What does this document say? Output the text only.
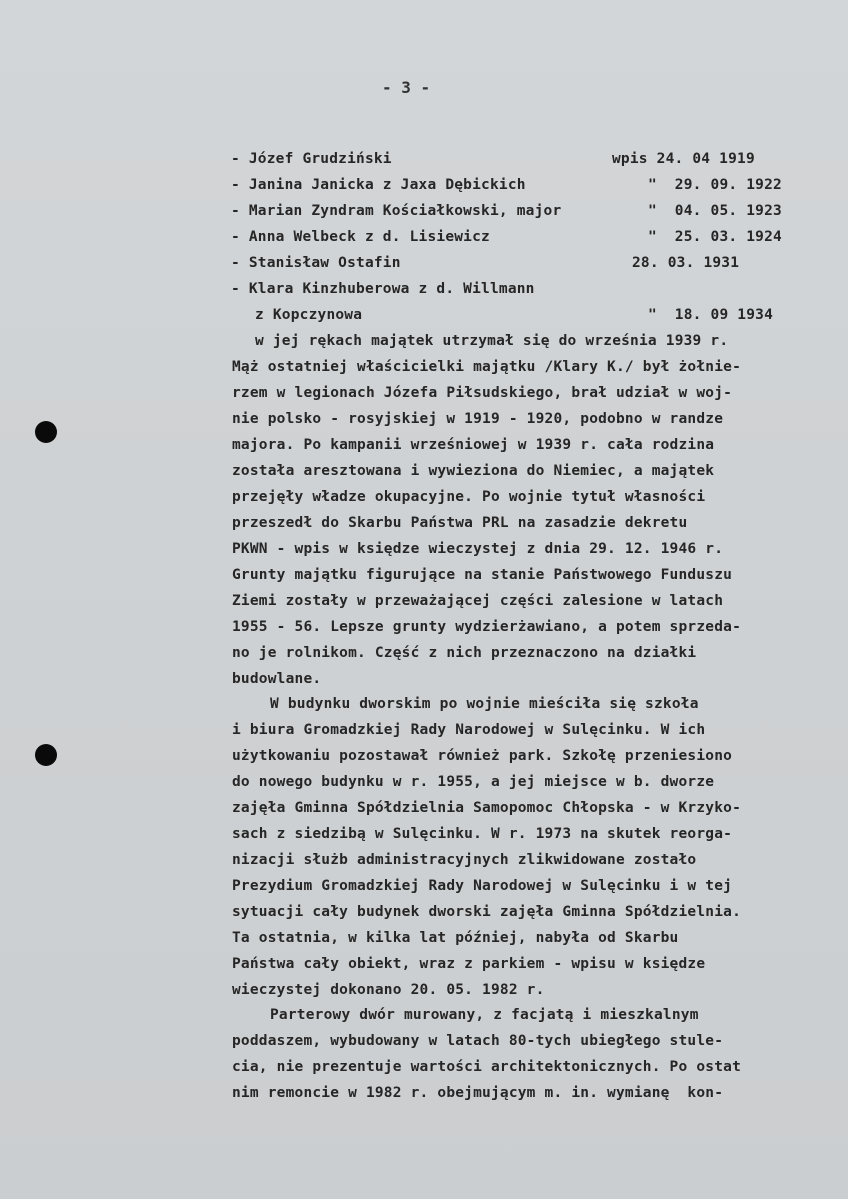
- 3 -
- Józef Grudziński	wpis 24. 04 1919
- Janina Janicka z Jaxa Dębickich	"  29. 09. 1922
- Marian Zyndram Kościałkowski, major	"  04. 05. 1923
- Anna Welbeck z d. Lisiewicz	"  25. 03. 1924
- Stanisław Ostafin	28. 03. 1931
- Klara Kinzhuberowa z d. Willmann
z Kopczynowa	"  18. 09 1934
w jej rękach majątek utrzymał się do września 1939 r.
Mąż ostatniej właścicielki majątku /Klary K./ był żołnie-
rzem w legionach Józefa Piłsudskiego, brał udział w woj-
nie polsko - rosyjskiej w 1919 - 1920, podobno w randze
majora. Po kampanii wrześniowej w 1939 r. cała rodzina
została aresztowana i wywieziona do Niemiec, a majątek
przejęły władze okupacyjne. Po wojnie tytuł własności
przeszedł do Skarbu Państwa PRL na zasadzie dekretu
PKWN - wpis w księdze wieczystej z dnia 29. 12. 1946 r.
Grunty majątku figurujące na stanie Państwowego Funduszu
Ziemi zostały w przeważającej części zalesione w latach
1955 - 56. Lepsze grunty wydzierżawiano, a potem sprzeda-
no je rolnikom. Część z nich przeznaczono na działki
budowlane.
W budynku dworskim po wojnie mieściła się szkoła
i biura Gromadzkiej Rady Narodowej w Sulęcinku. W ich
użytkowaniu pozostawał również park. Szkołę przeniesiono
do nowego budynku w r. 1955, a jej miejsce w b. dworze
zajęła Gminna Spółdzielnia Samopomoc Chłopska - w Krzyko-
sach z siedzibą w Sulęcinku. W r. 1973 na skutek reorga-
nizacji służb administracyjnych zlikwidowane zostało
Prezydium Gromadzkiej Rady Narodowej w Sulęcinku i w tej
sytuacji cały budynek dworski zajęła Gminna Spółdzielnia.
Ta ostatnia, w kilka lat później, nabyła od Skarbu
Państwa cały obiekt, wraz z parkiem - wpisu w księdze
wieczystej dokonano 20. 05. 1982 r.
Parterowy dwór murowany, z facjatą i mieszkalnym
poddaszem, wybudowany w latach 80-tych ubiegłego stule-
cia, nie prezentuje wartości architektonicznych. Po ostat
nim remoncie w 1982 r. obejmującym m. in. wymianę  kon-
